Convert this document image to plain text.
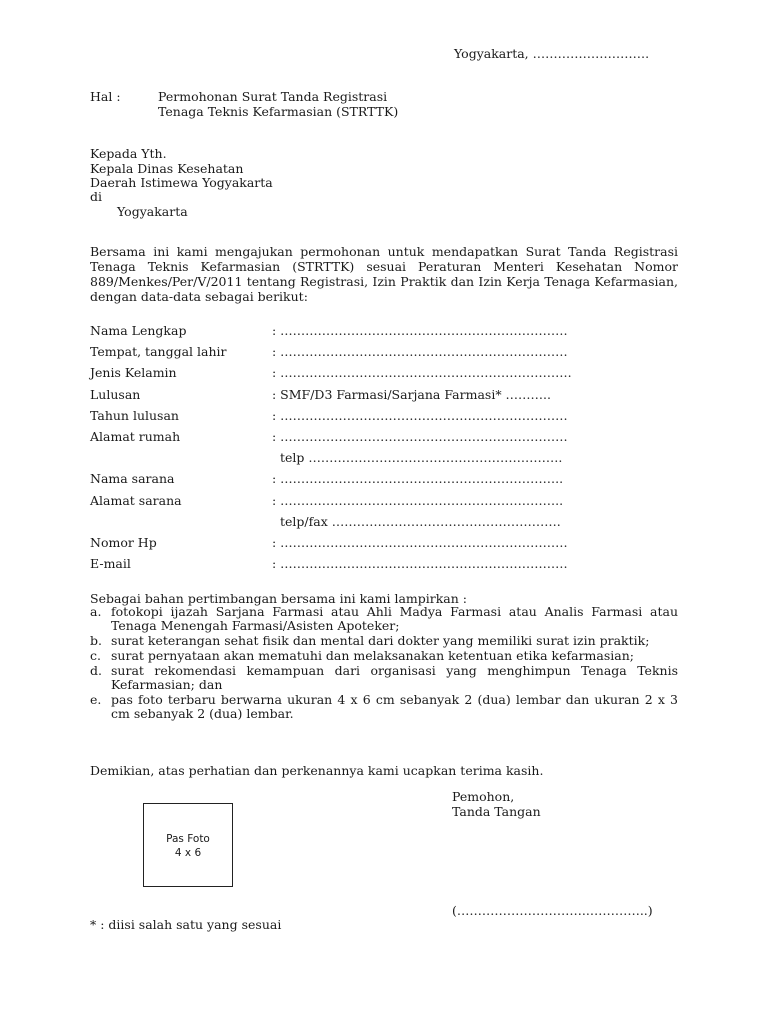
Yogyakarta, ……………………….
Hal :	Permohonan Surat Tanda Registrasi
Tenaga Teknis Kefarmasian (STRTTK)
Kepada Yth.
Kepala Dinas Kesehatan
Daerah Istimewa Yogyakarta
di
Yogyakarta
Bersama ini kami mengajukan permohonan untuk mendapatkan Surat Tanda Registrasi Tenaga Teknis Kefarmasian (STRTTK) sesuai Peraturan Menteri Kesehatan Nomor 889/Menkes/Per/V/2011 tentang Registrasi, Izin Praktik dan Izin Kerja Tenaga Kefarmasian, dengan data-data sebagai berikut:
Nama Lengkap	: ……………………………………………………………
Tempat, tanggal lahir	: ……………………………………………………………
Jenis Kelamin	: …………………………………………………………….
Lulusan	: SMF/D3 Farmasi/Sarjana Farmasi* ………..
Tahun lulusan	: ……………………………………………………………
Alamat rumah	: ……………………………………………………………
telp …………………………………………………….
Nama sarana	: …………………………………………………………..
Alamat sarana	: …………………………………………………………..
telp/fax ……………………………………………….
Nomor Hp	: ……………………………………………………………
E-mail	: ……………………………………………………………
Sebagai bahan pertimbangan bersama ini kami lampirkan :
a. fotokopi ijazah Sarjana Farmasi atau Ahli Madya Farmasi atau Analis Farmasi atau Tenaga Menengah Farmasi/Asisten Apoteker;
b. surat keterangan sehat fisik dan mental dari dokter yang memiliki surat izin praktik;
c. surat pernyataan akan mematuhi dan melaksanakan ketentuan etika kefarmasian;
d. surat rekomendasi kemampuan dari organisasi yang menghimpun Tenaga Teknis Kefarmasian; dan
e. pas foto terbaru berwarna ukuran 4 x 6 cm sebanyak 2 (dua) lembar dan ukuran 2 x 3 cm sebanyak 2 (dua) lembar.
Demikian, atas perhatian dan perkenannya kami ucapkan terima kasih.
Pemohon,
Tanda Tangan
Pas Foto
4 x 6
(…………………………..…………..)
* : diisi salah satu yang sesuai
